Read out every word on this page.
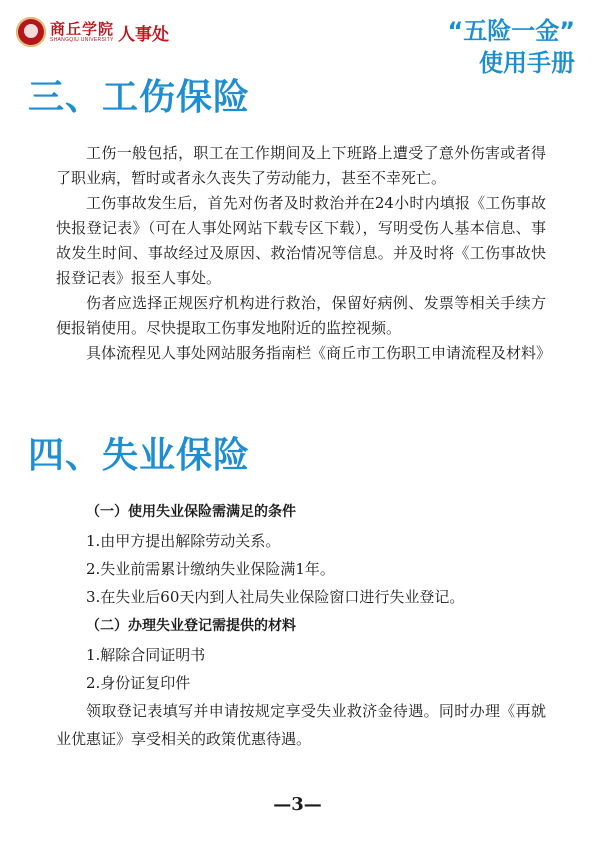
商丘学院
SHANGQIU UNIVERSITY 人事处	“五险一金”
使用手册
三、工伤保险

工伤一般包括，职工在工作期间及上下班路上遭受了意外伤害或者得了职业病，暂时或者永久丧失了劳动能力，甚至不幸死亡。

工伤事故发生后，首先对伤者及时救治并在24小时内填报《工伤事故快报登记表》（可在人事处网站下载专区下载），写明受伤人基本信息、事故发生时间、事故经过及原因、救治情况等信息。并及时将《工伤事故快报登记表》报至人事处。

伤者应选择正规医疗机构进行救治，保留好病例、发票等相关手续方便报销使用。尽快提取工伤事发地附近的监控视频。

具体流程见人事处网站服务指南栏《商丘市工伤职工申请流程及材料》

四、失业保险

（一）使用失业保险需满足的条件

1.由甲方提出解除劳动关系。

2.失业前需累计缴纳失业保险满1年。

3.在失业后60天内到人社局失业保险窗口进行失业登记。

（二）办理失业登记需提供的材料

1.解除合同证明书

2.身份证复印件

领取登记表填写并申请按规定享受失业救济金待遇。同时办理《再就业优惠证》享受相关的政策优惠待遇。

—3—
